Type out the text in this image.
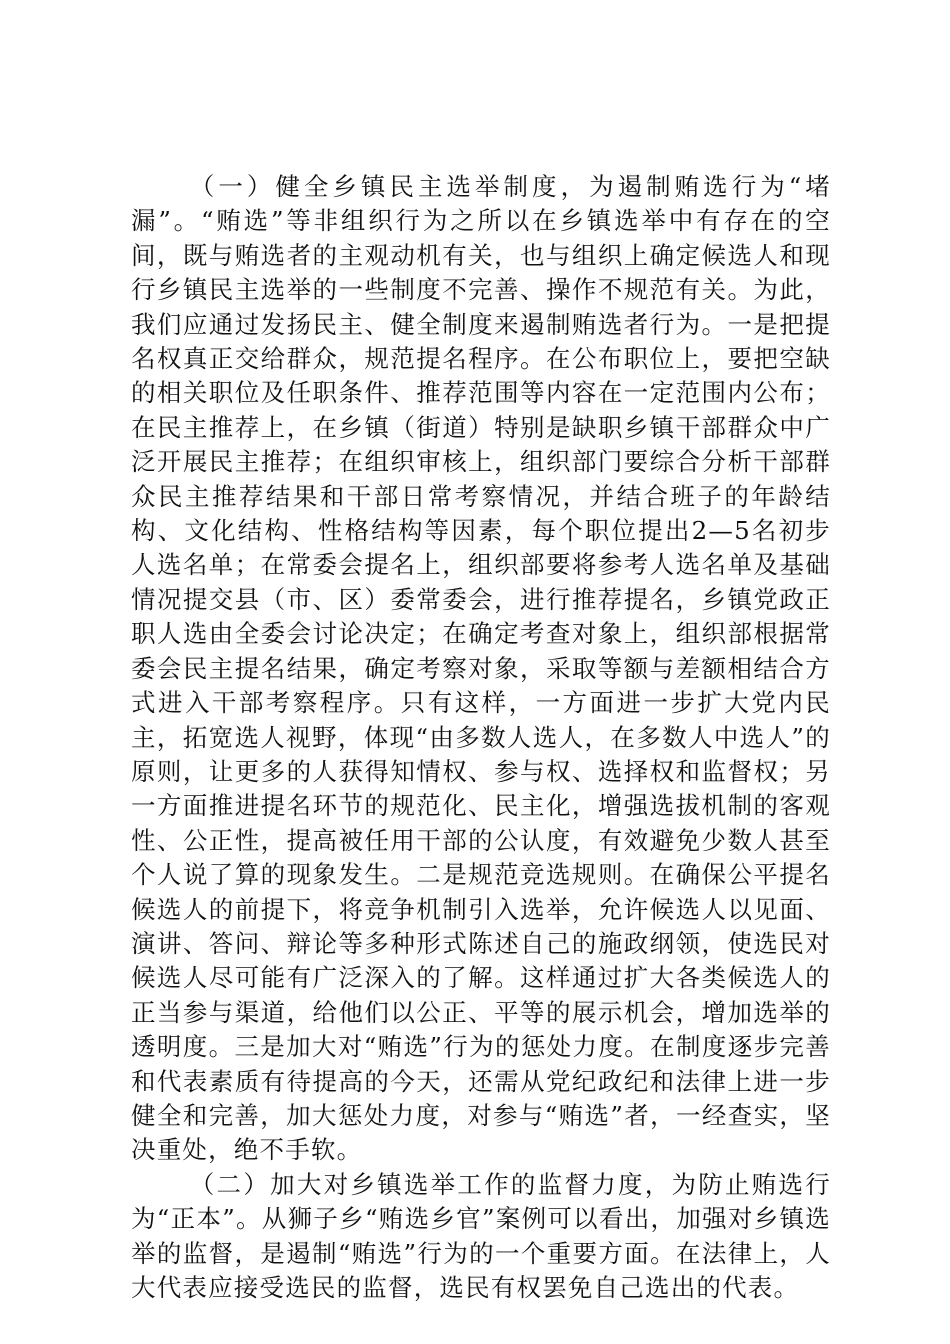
（一）健全乡镇民主选举制度，为遏制贿选行为“堵漏”。“贿选”等非组织行为之所以在乡镇选举中有存在的空间，既与贿选者的主观动机有关，也与组织上确定候选人和现行乡镇民主选举的一些制度不完善、操作不规范有关。为此，我们应通过发扬民主、健全制度来遏制贿选者行为。一是把提名权真正交给群众，规范提名程序。在公布职位上，要把空缺的相关职位及任职条件、推荐范围等内容在一定范围内公布；在民主推荐上，在乡镇（街道）特别是缺职乡镇干部群众中广泛开展民主推荐；在组织审核上，组织部门要综合分析干部群众民主推荐结果和干部日常考察情况，并结合班子的年龄结构、文化结构、性格结构等因素，每个职位提出2—5名初步人选名单；在常委会提名上，组织部要将参考人选名单及基础情况提交县（市、区）委常委会，进行推荐提名，乡镇党政正职人选由全委会讨论决定；在确定考查对象上，组织部根据常委会民主提名结果，确定考察对象，采取等额与差额相结合方式进入干部考察程序。只有这样，一方面进一步扩大党内民主，拓宽选人视野，体现“由多数人选人，在多数人中选人”的原则，让更多的人获得知情权、参与权、选择权和监督权；另一方面推进提名环节的规范化、民主化，增强选拔机制的客观性、公正性，提高被任用干部的公认度，有效避免少数人甚至个人说了算的现象发生。二是规范竞选规则。在确保公平提名候选人的前提下，将竞争机制引入选举，允许候选人以见面、演讲、答问、辩论等多种形式陈述自己的施政纲领，使选民对候选人尽可能有广泛深入的了解。这样通过扩大各类候选人的正当参与渠道，给他们以公正、平等的展示机会，增加选举的透明度。三是加大对“贿选”行为的惩处力度。在制度逐步完善和代表素质有待提高的今天，还需从党纪政纪和法律上进一步健全和完善，加大惩处力度，对参与“贿选”者，一经查实，坚决重处，绝不手软。

（二）加大对乡镇选举工作的监督力度，为防止贿选行为“正本”。从狮子乡“贿选乡官”案例可以看出，加强对乡镇选举的监督，是遏制“贿选”行为的一个重要方面。在法律上，人大代表应接受选民的监督，选民有权罢免自己选出的代表。
